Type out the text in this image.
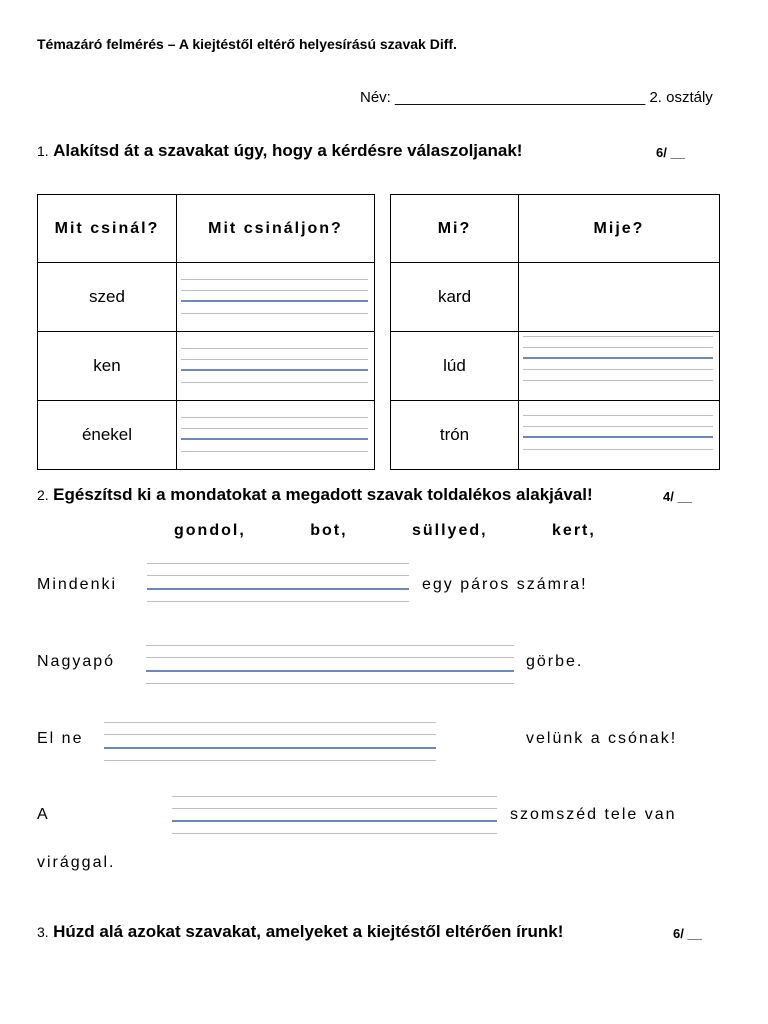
Témazáró felmérés – A kiejtéstől eltérő helyesírású szavak Diff.
Név: ______________________________ 2. osztály
1. Alakítsd át a szavakat úgy, hogy a kérdésre válaszoljanak!	6/ __
Mit csinál?	Mit csináljon?
szed	

ken	

énekel	
Mi?	Mije?
kard	

lúd	

trón	
2. Egészítsd ki a mondatokat a megadott szavak toldalékos alakjával!	4/ __
gondol,          bot,          süllyed,          kert,
Mindenki	egy páros számra!
Nagyapó	görbe.
El ne	velünk a csónak!
A	szomszéd tele van
virággal.
3. Húzd alá azokat szavakat, amelyeket a kiejtéstől eltérően írunk!	6/ __
